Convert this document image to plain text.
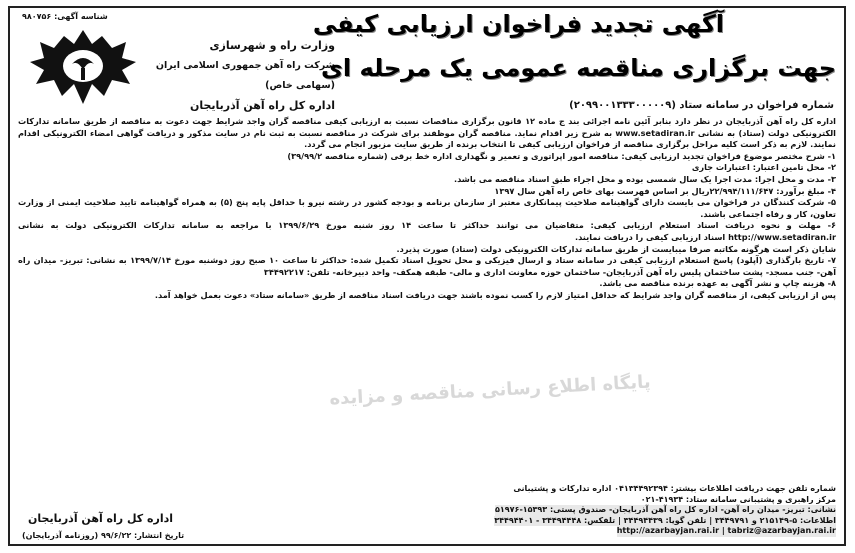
شناسه آگهی: ۹۸۰۷۵۶
وزارت راه و شهرسازی
شرکت راه آهن جمهوری اسلامی ایران (سهامی خاص)
اداره کل راه آهن آذربایجان
آگهی تجدید فراخوان ارزیابی کیفی
جهت برگزاری مناقصه عمومی یک مرحله ای
شماره فراخوان در سامانه ستاد (۲۰۹۹۰۰۱۳۳۳۰۰۰۰۰۹)

اداره کل راه آهن آذربایجان در نظر دارد بنابر آئین نامه اجرائی بند ج ماده ۱۲ قانون برگزاری مناقصات نسبت به ارزیابی کیفی مناقصه گران واجد شرایط جهت دعوت به مناقصه از طریق سامانه تدارکات الکترونیکی دولت (ستاد) به نشانی www.setadiran.ir به شرح زیر اقدام نماید. مناقصه گران موظفند برای شرکت در مناقصه نسبت به ثبت نام در سایت مذکور و دریافت گواهی امضاء الکترونیکی اقدام نمایند. لازم به ذکر است کلیه مراحل برگزاری مناقصه از فراخوان ارزیابی کیفی تا انتخاب برنده از طریق سایت مزبور انجام می گردد.

۱- شرح مختصر موضوع فراخوان تجدید ارزیابی کیفی: مناقصه امور اپراتوری و تعمیر و نگهداری اداره خط برقی (شماره مناقصه ۳۹/۹۹/۲)

۲- محل تامین اعتبار: اعتبارات جاری

۳- مدت و محل اجرا: مدت اجرا یک سال شمسی بوده و محل اجراء طبق اسناد مناقصه می باشد.

۴- مبلغ برآورد: ۲۲/۹۹۴/۱۱۱/۶۴۷ریال بر اساس فهرست بهای خاص راه آهن سال ۱۳۹۷

۵- شرکت کنندگان در فراخوان می بایست دارای گواهینامه صلاحیت پیمانکاری معتبر از سازمان برنامه و بودجه کشور در رشته نیرو با حداقل پایه پنج (۵) به همراه گواهینامه تایید صلاحیت ایمنی از وزارت تعاون، کار و رفاه اجتماعی باشند.

۶- مهلت و نحوه دریافت اسناد استعلام ارزیابی کیفی: متقاضیان می توانند حداکثر تا ساعت ۱۴ روز شنبه مورخ ۱۳۹۹/۶/۲۹ با مراجعه به سامانه تدارکات الکترونیکی دولت به نشانی http://www.setadiran.ir اسناد ارزیابی کیفی را دریافت نمایند.

شایان ذکر است هرگونه مکاتبه صرفا میبایست از طریق سامانه تدارکات الکترونیکی دولت (ستاد) صورت پذیرد.

۷- تاریخ بارگذاری (آپلود) پاسخ استعلام ارزیابی کیفی در سامانه ستاد و ارسال فیزیکی و محل تحویل اسناد تکمیل شده: حداکثر تا ساعت ۱۰ صبح روز دوشنبه مورخ ۱۳۹۹/۷/۱۴ به نشانی: تبریز- میدان راه آهن- جنب مسجد- پشت ساختمان پلیس راه آهن آذربایجان- ساختمان حوزه معاونت اداری و مالی- طبقه همکف- واحد دبیرخانه- تلفن: ۳۴۴۹۲۲۱۷

۸- هزینه چاپ و نشر آگهی به عهده برنده مناقصه می باشد.

پس از ارزیابی کیفی، از مناقصه گران واجد شرایط که حداقل امتیاز لازم را کسب نموده باشند جهت دریافت اسناد مناقصه از طریق «سامانه ستاد» دعوت بعمل خواهد آمد.

پایگاه اطلاع رسانی مناقصه و مزایده
شماره تلفن جهت دریافت اطلاعات بیشتر: ۰۴۱۳۴۴۹۲۳۹۴ اداره تدارکات و پشتیبانی
مرکز راهبری و پشتیبانی سامانه ستاد: ۴۱۹۳۴-۰۲۱
نشانی: تبریز- میدان راه آهن- اداره کل راه آهن آذربایجان- صندوق پستی: ۱۵۳۹۳-۵۱۹۷۶
اطلاعات: ۵-۲۱۵۱۴۹ و ۳۴۴۹۷۹۱ | تلفن گویا: ۳۴۴۹۴۴۳۹ | تلفکس: ۳۴۴۹۴۴۴۸ - ۳۴۴۹۴۴۰۱
http://azarbayjan.rai.ir | tabriz@azarbayjan.rai.ir
اداره کل راه آهن آذربایجان
تاریخ انتشار: ۹۹/۶/۲۲ (روزنامه آذربایجان)
